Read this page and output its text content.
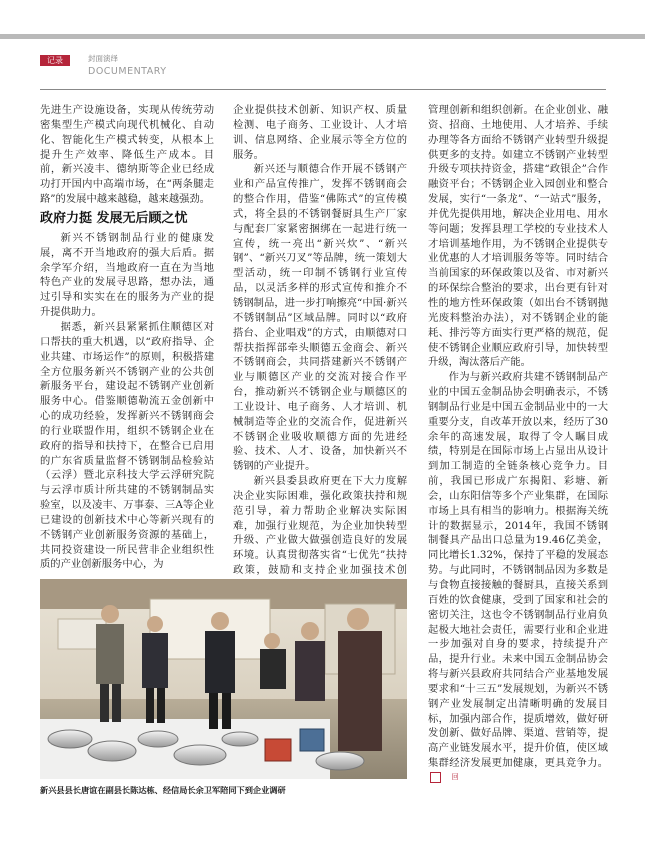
记录	封面演绎
DOCUMENTARY

先进生产设施设备，实现从传统劳动密集型生产模式向现代机械化、自动化、智能化生产模式转变，从根本上提升生产效率、降低生产成本。目前，新兴凌丰、德纳斯等企业已经成功打开国内中高端市场，在“两条腿走路”的发展中越来越稳，越来越强劲。

政府力挺 发展无后顾之忧

新兴不锈钢制品行业的健康发展，离不开当地政府的强大后盾。据余学军介绍，当地政府一直在为当地特色产业的发展寻思路，想办法，通过引导和实实在在的服务为产业的提升提供助力。

据悉，新兴县紧紧抓住顺德区对口帮扶的重大机遇，以“政府指导、企业共建、市场运作”的原则，积极搭建全方位服务新兴不锈钢产业的公共创新服务平台，建设起不锈钢产业创新服务中心。借鉴顺德勒流五金创新中心的成功经验，发挥新兴不锈钢商会的行业联盟作用，组织不锈钢企业在政府的指导和扶持下，在整合已启用的广东省质量监督不锈钢制品检验站（云浮）暨北京科技大学云浮研究院与云浮市质计所共建的不锈钢制品实验室，以及凌丰、万事泰、三A等企业已建设的创新技术中心等新兴现有的不锈钢产业创新服务资源的基础上，共同投资建设一所民营非企业组织性质的产业创新服务中心，为

企业提供技术创新、知识产权、质量检测、电子商务、工业设计、人才培训、信息网络、企业展示等全方位的服务。

新兴还与顺德合作开展不锈钢产业和产品宣传推广，发挥不锈钢商会的整合作用，借鉴“佛陈式”的宣传模式，将全县的不锈钢餐厨具生产厂家与配套厂家紧密捆绑在一起进行统一宣传，统一亮出“新兴炊”、“新兴钢”、“新兴刀叉”等品牌，统一策划大型活动，统一印制不锈钢行业宣传品，以灵活多样的形式宣传和推介不锈钢制品，进一步打响擦亮“中国·新兴不锈钢制品”区域品牌。同时以“政府搭台、企业唱戏”的方式，由顺德对口帮扶指挥部牵头顺德五金商会、新兴不锈钢商会，共同搭建新兴不锈钢产业与顺德区产业的交流对接合作平台，推动新兴不锈钢企业与顺德区的工业设计、电子商务、人才培训、机械制造等企业的交流合作，促进新兴不锈钢企业吸收顺德方面的先进经验、技术、人才、设备，加快新兴不锈钢的产业提升。

新兴县委县政府更在下大力度解决企业实际困难，强化政策扶持和规范引导，着力帮助企业解决实际困难，加强行业规范，为企业加快转型升级、产业做大做强创造良好的发展环境。认真贯彻落实省“七优先”扶持政策，鼓励和支持企业加强技术创

管理创新和组织创新。在企业创业、融资、招商、土地使用、人才培养、手续办理等各方面给不锈钢产业转型升级提供更多的支持。如建立不锈钢产业转型升级专项扶持资金，搭建“政银企”合作融资平台；不锈钢企业入园创业和整合发展，实行“一条龙”、“一站式”服务，并优先提供用地，解决企业用电、用水等问题；发挥县理工学校的专业技术人才培训基地作用，为不锈钢企业提供专业优惠的人才培训服务等等。同时结合当前国家的环保政策以及省、市对新兴的环保综合整治的要求，出台更有针对性的地方性环保政策（如出台不锈钢抛光废料整治办法），对不锈钢企业的能耗、排污等方面实行更严格的规范，促使不锈钢企业顺应政府引导，加快转型升级，淘汰落后产能。

作为与新兴政府共建不锈钢制品产业的中国五金制品协会明确表示，不锈钢制品行业是中国五金制品业中的一大重要分支，自改革开放以来，经历了30余年的高速发展，取得了令人瞩目成绩，特别是在国际市场上占显出从设计到加工制造的全链条核心竞争力。目前，我国已形成广东揭阳、彩塘、新会，山东阳信等多个产业集群，在国际市场上具有相当的影响力。根据海关统计的数据显示，2014年，我国不锈钢制餐具产品出口总量为19.46亿美金，同比增长1.32%，保持了平稳的发展态势。与此同时，不锈钢制品因为多数是与食物直接接触的餐厨具，直接关系到百姓的饮食健康，受到了国家和社会的密切关注，这也令不锈钢制品行业肩负起极大地社会责任，需要行业和企业进一步加强对自身的要求，持续提升产品，提升行业。未来中国五金制品协会将与新兴县政府共同结合产业基地发展要求和“十三五”发展规划，为新兴不锈钢产业发展制定出清晰明确的发展目标，加强内部合作，提质增效，做好研发创新、做好品牌、渠道、营销等，提高产业链发展水平，提升价值，使区域集群经济发展更加健康，更具竞争力。回

新兴县县长唐谊在副县长陈达栋、经信局长余卫军陪同下到企业调研
